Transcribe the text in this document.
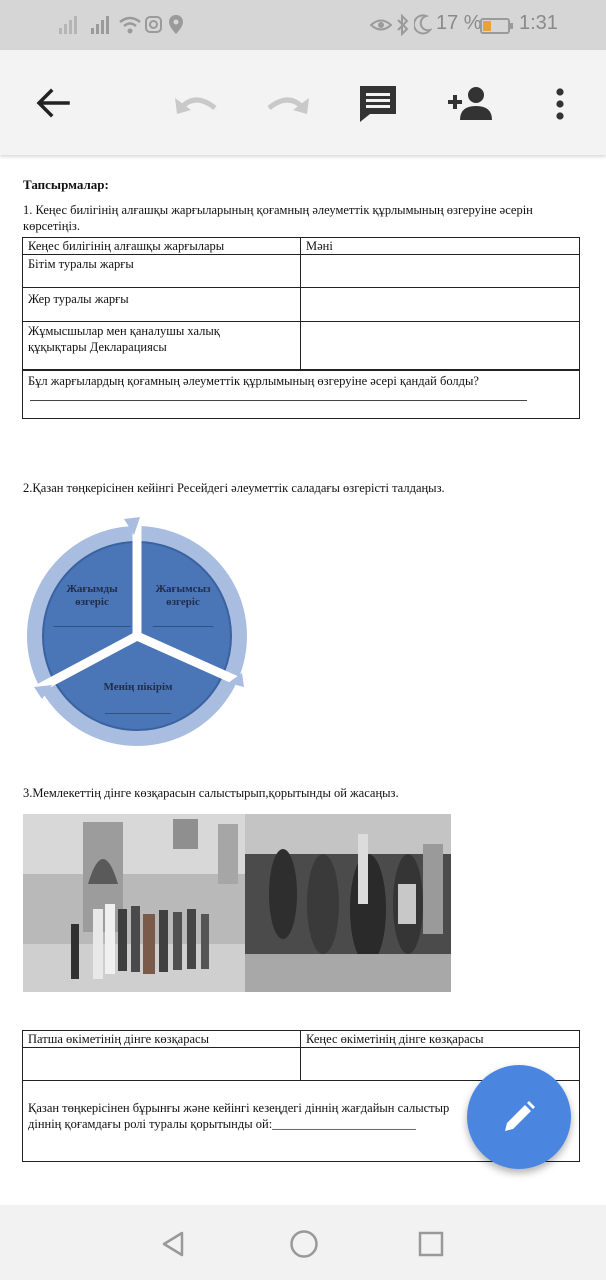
17 % 1:31
Тапсырмалар:
1. Кеңес билігінің алғашқы жарғыларының қоғамның әлеуметтік құрлымының өзгеруіне әсерін
көрсетіңіз.
Кеңес билігінің алғашқы жарғылары	Мәні

Бітім туралы жарғы	

Жер туралы жарғы	

Жұмысшылар мен қаналушы халық
құқықтары Декларациясы	

Бұл жарғылардың қоғамның әлеуметтік құрлымының өзгеруіне әсері қандай болды?	
2.Қазан төңкерісінен кейінгі Ресейдегі әлеуметтік саладағы өзгерісті талдаңыз.
Жағымды
өзгеріс
______________
Жағымсыз
өзгеріс
___________
Менің пікірім
____________
3.Мемлекеттің дінге көзқарасын салыстырып,қорытынды ой жасаңыз.
Патша өкіметінің дінге көзқарасы	Кеңес өкіметінің дінге көзқарасы

Қазан төңкерісінен бұрынғы және кейінгі кезеңдегі діннің жағдайын салыстыр
діннің қоғамдағы ролі туралы қорытынды ой:_______________________	
